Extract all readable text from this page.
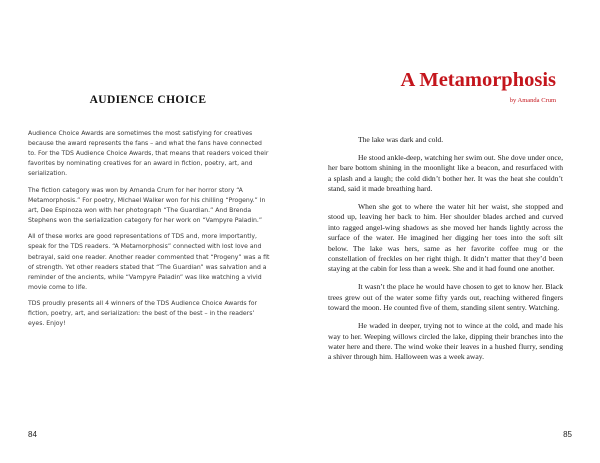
AUDIENCE CHOICE

Audience Choice Awards are sometimes the most satisfying for creatives because the award represents the fans – and what the fans have connected to. For the TDS Audience Choice Awards, that means that readers voiced their favorites by nominating creatives for an award in fiction, poetry, art, and serialization.

The fiction category was won by Amanda Crum for her horror story “A Metamorphosis.” For poetry, Michael Walker won for his chilling “Progeny.” In art, Dee Espinoza won with her photograph “The Guardian.” And Brenda Stephens won the serialization category for her work on “Vampyre Paladin.”

All of these works are good representations of TDS and, more importantly, speak for the TDS readers. “A Metamorphosis” connected with lost love and betrayal, said one reader. Another reader commented that “Progeny” was a fit of strength. Yet other readers stated that “The Guardian” was salvation and a reminder of the ancients, while “Vampyre Paladin” was like watching a vivid movie come to life.

TDS proudly presents all 4 winners of the TDS Audience Choice Awards for fiction, poetry, art, and serialization: the best of the best – in the readers’ eyes. Enjoy!

84
A Metamorphosis
by Amanda Crum

The lake was dark and cold.

He stood ankle-deep, watching her swim out. She dove under once, her bare bottom shining in the moonlight like a beacon, and resurfaced with a splash and a laugh; the cold didn’t bother her. It was the heat she couldn’t stand, said it made breathing hard.

When she got to where the water hit her waist, she stopped and stood up, leaving her back to him. Her shoulder blades arched and curved into ragged angel-wing shadows as she moved her hands lightly across the surface of the water. He imagined her digging her toes into the soft silt below. The lake was hers, same as her favorite coffee mug or the constellation of freckles on her right thigh. It didn’t matter that they’d been staying at the cabin for less than a week. She and it had found one another.

It wasn’t the place he would have chosen to get to know her. Black trees grew out of the water some fifty yards out, reaching withered fingers toward the moon. He counted five of them, standing silent sentry. Watching.

He waded in deeper, trying not to wince at the cold, and made his way to her. Weeping willows circled the lake, dipping their branches into the water here and there. The wind woke their leaves in a hushed flurry, sending a shiver through him. Halloween was a week away.

85
